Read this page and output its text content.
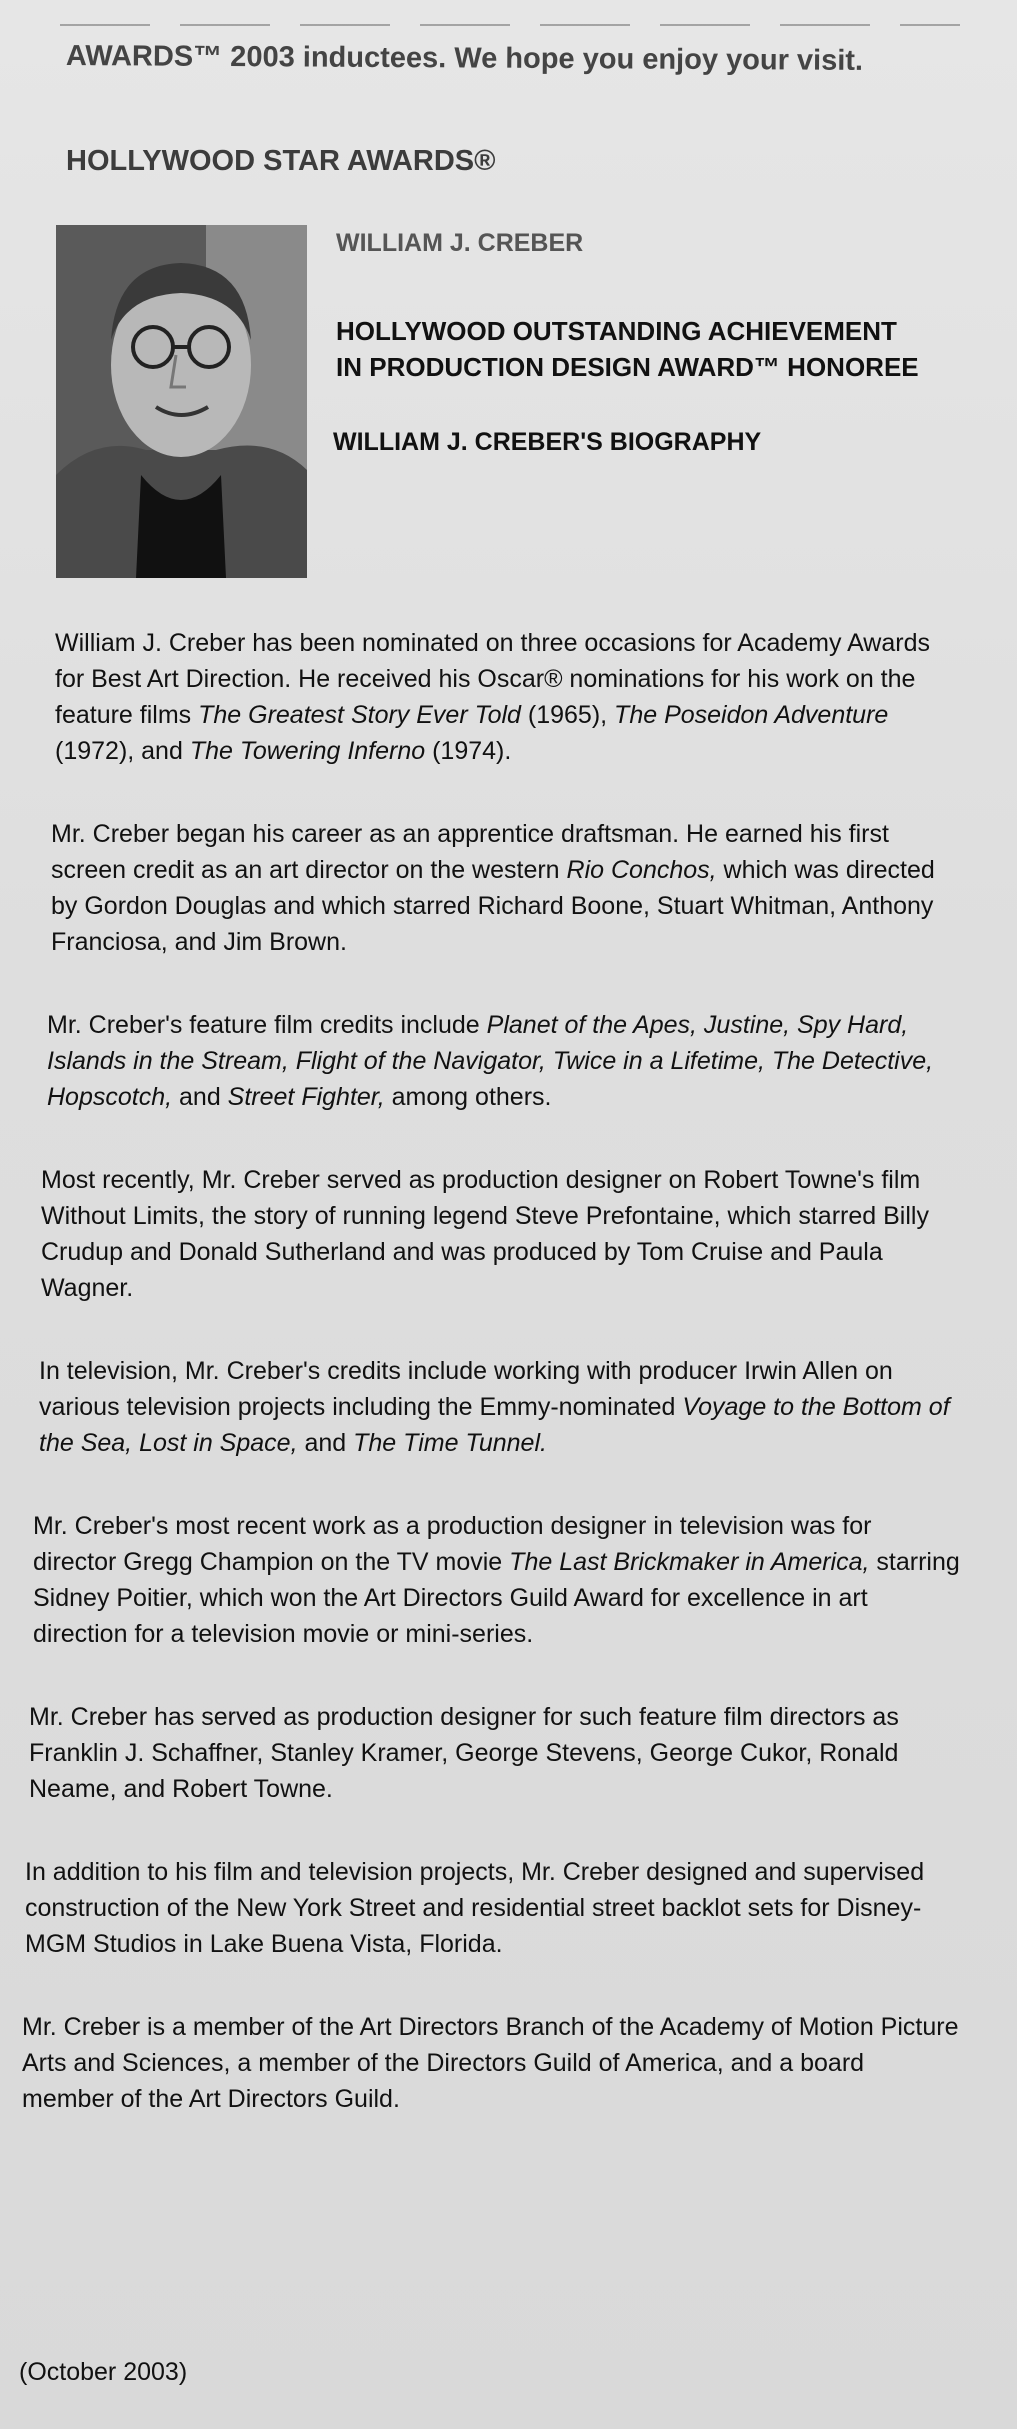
AWARDS™ 2003 inductees. We hope you enjoy your visit.
HOLLYWOOD STAR AWARDS®
WILLIAM J. CREBER
HOLLYWOOD OUTSTANDING ACHIEVEMENT
IN PRODUCTION DESIGN AWARD™ HONOREE
WILLIAM J. CREBER'S BIOGRAPHY

William J. Creber has been nominated on three occasions for Academy Awards for Best Art Direction. He received his Oscar® nominations for his work on the feature films The Greatest Story Ever Told (1965), The Poseidon Adventure (1972), and The Towering Inferno (1974).

Mr. Creber began his career as an apprentice draftsman. He earned his first screen credit as an art director on the western Rio Conchos, which was directed by Gordon Douglas and which starred Richard Boone, Stuart Whitman, Anthony Franciosa, and Jim Brown.

Mr. Creber's feature film credits include Planet of the Apes, Justine, Spy Hard, Islands in the Stream, Flight of the Navigator, Twice in a Lifetime, The Detective, Hopscotch, and Street Fighter, among others.

Most recently, Mr. Creber served as production designer on Robert Towne's film Without Limits, the story of running legend Steve Prefontaine, which starred Billy Crudup and Donald Sutherland and was produced by Tom Cruise and Paula Wagner.

In television, Mr. Creber's credits include working with producer Irwin Allen on various television projects including the Emmy-nominated Voyage to the Bottom of the Sea, Lost in Space, and The Time Tunnel.

Mr. Creber's most recent work as a production designer in television was for director Gregg Champion on the TV movie The Last Brickmaker in America, starring Sidney Poitier, which won the Art Directors Guild Award for excellence in art direction for a television movie or mini-series.

Mr. Creber has served as production designer for such feature film directors as Franklin J. Schaffner, Stanley Kramer, George Stevens, George Cukor, Ronald Neame, and Robert Towne.

In addition to his film and television projects, Mr. Creber designed and supervised construction of the New York Street and residential street backlot sets for Disney-MGM Studios in Lake Buena Vista, Florida.

Mr. Creber is a member of the Art Directors Branch of the Academy of Motion Picture Arts and Sciences, a member of the Directors Guild of America, and a board member of the Art Directors Guild.

(October 2003)
